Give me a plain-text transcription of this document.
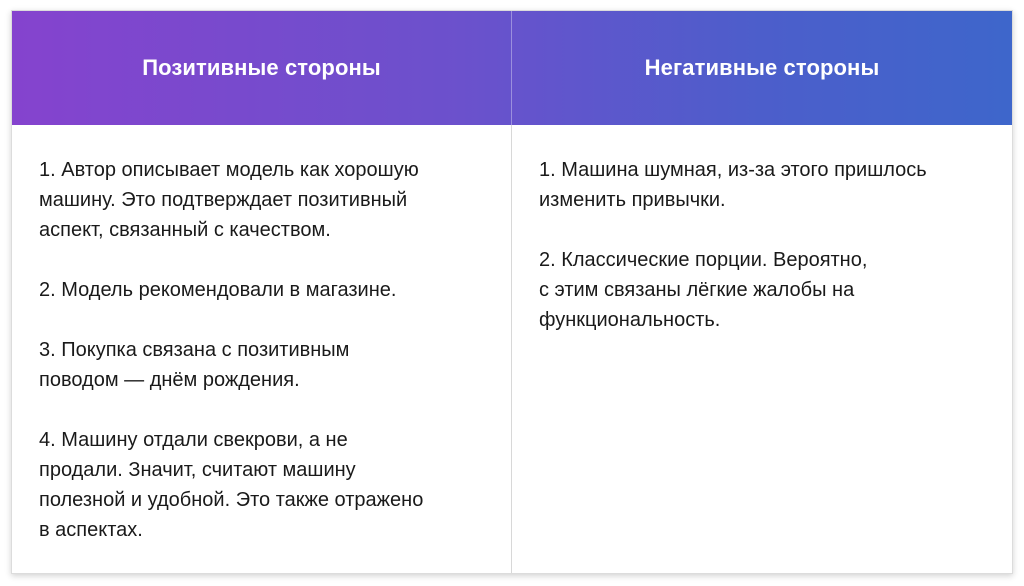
Позитивные стороны	Негативные стороны
1. Автор описывает модель как хорошую
машину. Это подтверждает позитивный
аспект, связанный с качеством.
2. Модель рекомендовали в магазине.
3. Покупка связана с позитивным
поводом — днём рождения.
4. Машину отдали свекрови, а не
продали. Значит, считают машину
полезной и удобной. Это также отражено
в аспектах.
1. Машина шумная, из-за этого пришлось
изменить привычки.
2. Классические порции. Вероятно,
с этим связаны лёгкие жалобы на
функциональность.
